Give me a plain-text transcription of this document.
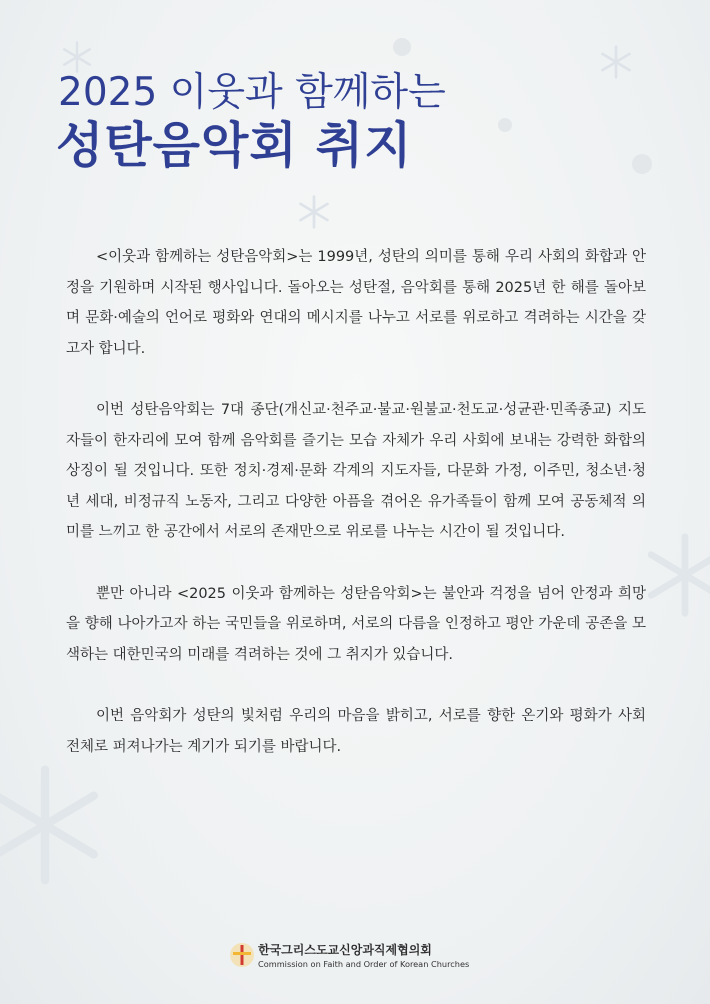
2025 이웃과 함께하는
성탄음악회 취지

<이웃과 함께하는 성탄음악회>는 1999년, 성탄의 의미를 통해 우리 사회의 화합과 안정을 기원하며 시작된 행사입니다. 돌아오는 성탄절, 음악회를 통해 2025년 한 해를 돌아보며 문화·예술의 언어로 평화와 연대의 메시지를 나누고 서로를 위로하고 격려하는 시간을 갖고자 합니다.

이번 성탄음악회는 7대 종단(개신교·천주교·불교·원불교·천도교·성균관·민족종교) 지도자들이 한자리에 모여 함께 음악회를 즐기는 모습 자체가 우리 사회에 보내는 강력한 화합의 상징이 될 것입니다. 또한 정치·경제·문화 각계의 지도자들, 다문화 가정, 이주민, 청소년·청년 세대, 비정규직 노동자, 그리고 다양한 아픔을 겪어온 유가족들이 함께 모여 공동체적 의미를 느끼고 한 공간에서 서로의 존재만으로 위로를 나누는 시간이 될 것입니다.

뿐만 아니라 <2025 이웃과 함께하는 성탄음악회>는 불안과 걱정을 넘어 안정과 희망을 향해 나아가고자 하는 국민들을 위로하며, 서로의 다름을 인정하고 평안 가운데 공존을 모색하는 대한민국의 미래를 격려하는 것에 그 취지가 있습니다.

이번 음악회가 성탄의 빛처럼 우리의 마음을 밝히고, 서로를 향한 온기와 평화가 사회 전체로 퍼져나가는 계기가 되기를 바랍니다.

한국그리스도교신앙과직제협의회
Commission on Faith and Order of Korean Churches
